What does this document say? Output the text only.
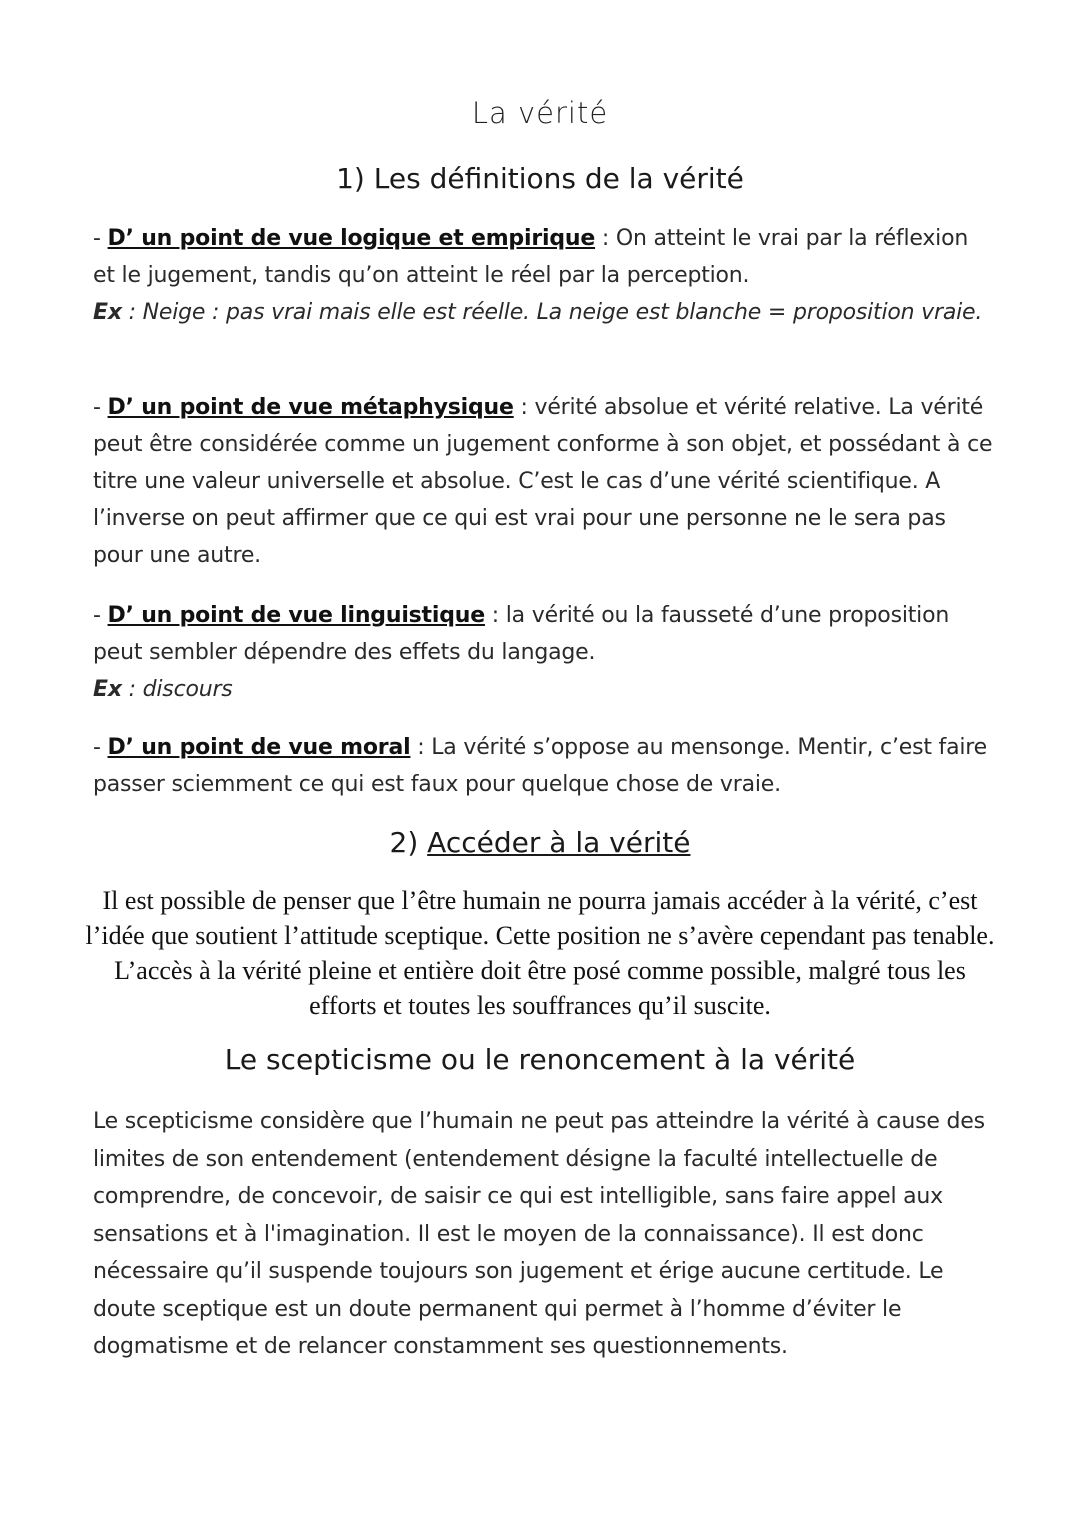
La vérité
1) Les définitions de la vérité

- D’ un point de vue logique et empirique : On atteint le vrai par la réflexion et le jugement, tandis qu’on atteint le réel par la perception.
Ex : Neige : pas vrai mais elle est réelle. La neige est blanche = proposition vraie.

- D’ un point de vue métaphysique : vérité absolue et vérité relative. La vérité peut être considérée comme un jugement conforme à son objet, et possédant à ce titre une valeur universelle et absolue. C’est le cas d’une vérité scientifique. A l’inverse on peut affirmer que ce qui est vrai pour une personne ne le sera pas pour une autre.

- D’ un point de vue linguistique : la vérité ou la fausseté d’une proposition peut sembler dépendre des effets du langage.
Ex : discours

- D’ un point de vue moral : La vérité s’oppose au mensonge. Mentir, c’est faire passer sciemment ce qui est faux pour quelque chose de vraie.

2) Accéder à la vérité

Il est possible de penser que l’être humain ne pourra jamais accéder à la vérité, c’est l’idée que soutient l’attitude sceptique. Cette position ne s’avère cependant pas tenable. L’accès à la vérité pleine et entière doit être posé comme possible, malgré tous les efforts et toutes les souffrances qu’il suscite.

Le scepticisme ou le renoncement à la vérité

Le scepticisme considère que l’humain ne peut pas atteindre la vérité à cause des limites de son entendement (entendement désigne la faculté intellectuelle de comprendre, de concevoir, de saisir ce qui est intelligible, sans faire appel aux sensations et à l'imagination. Il est le moyen de la connaissance). Il est donc nécessaire qu’il suspende toujours son jugement et érige aucune certitude. Le doute sceptique est un doute permanent qui permet à l’homme d’éviter le dogmatisme et de relancer constamment ses questionnements.
